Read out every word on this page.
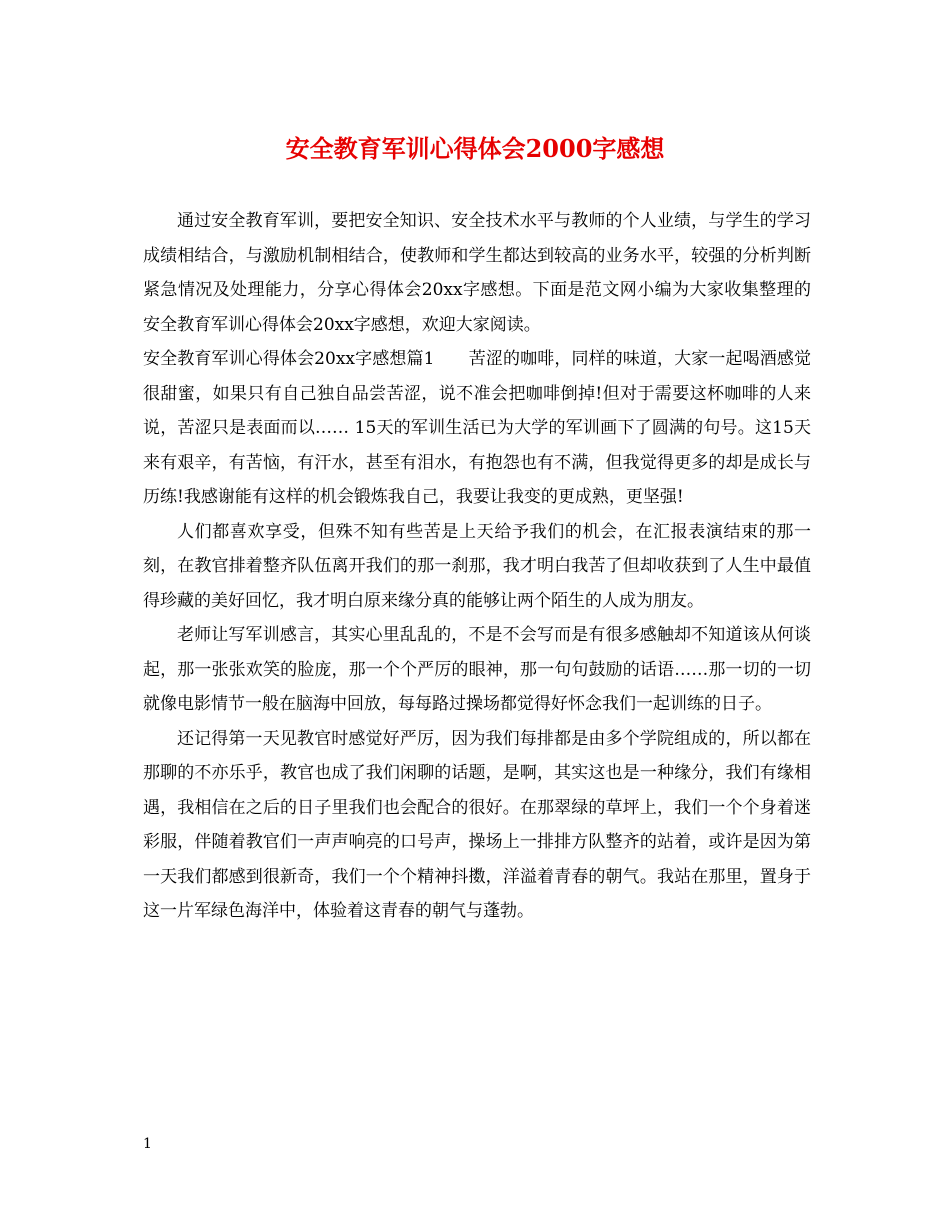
安全教育军训心得体会2000字感想

通过安全教育军训，要把安全知识、安全技术水平与教师的个人业绩，与学生的学习成绩相结合，与激励机制相结合，使教师和学生都达到较高的业务水平，较强的分析判断紧急情况及处理能力，分享心得体会20xx字感想。下面是范文网小编为大家收集整理的安全教育军训心得体会20xx字感想，欢迎大家阅读。

安全教育军训心得体会20xx字感想篇1　　苦涩的咖啡，同样的味道，大家一起喝酒感觉很甜蜜，如果只有自己独自品尝苦涩，说不准会把咖啡倒掉!但对于需要这杯咖啡的人来说，苦涩只是表面而以…… 15天的军训生活已为大学的军训画下了圆满的句号。这15天来有艰辛，有苦恼，有汗水，甚至有泪水，有抱怨也有不满，但我觉得更多的却是成长与历练!我感谢能有这样的机会锻炼我自己，我要让我变的更成熟，更坚强!

人们都喜欢享受，但殊不知有些苦是上天给予我们的机会，在汇报表演结束的那一刻，在教官排着整齐队伍离开我们的那一刹那，我才明白我苦了但却收获到了人生中最值得珍藏的美好回忆，我才明白原来缘分真的能够让两个陌生的人成为朋友。

老师让写军训感言，其实心里乱乱的，不是不会写而是有很多感触却不知道该从何谈起，那一张张欢笑的脸庞，那一个个严厉的眼神，那一句句鼓励的话语……那一切的一切就像电影情节一般在脑海中回放，每每路过操场都觉得好怀念我们一起训练的日子。

还记得第一天见教官时感觉好严厉，因为我们每排都是由多个学院组成的，所以都在那聊的不亦乐乎，教官也成了我们闲聊的话题，是啊，其实这也是一种缘分，我们有缘相遇，我相信在之后的日子里我们也会配合的很好。在那翠绿的草坪上，我们一个个身着迷彩服，伴随着教官们一声声响亮的口号声，操场上一排排方队整齐的站着，或许是因为第一天我们都感到很新奇，我们一个个精神抖擞，洋溢着青春的朝气。我站在那里，置身于这一片军绿色海洋中，体验着这青春的朝气与蓬勃。

1
